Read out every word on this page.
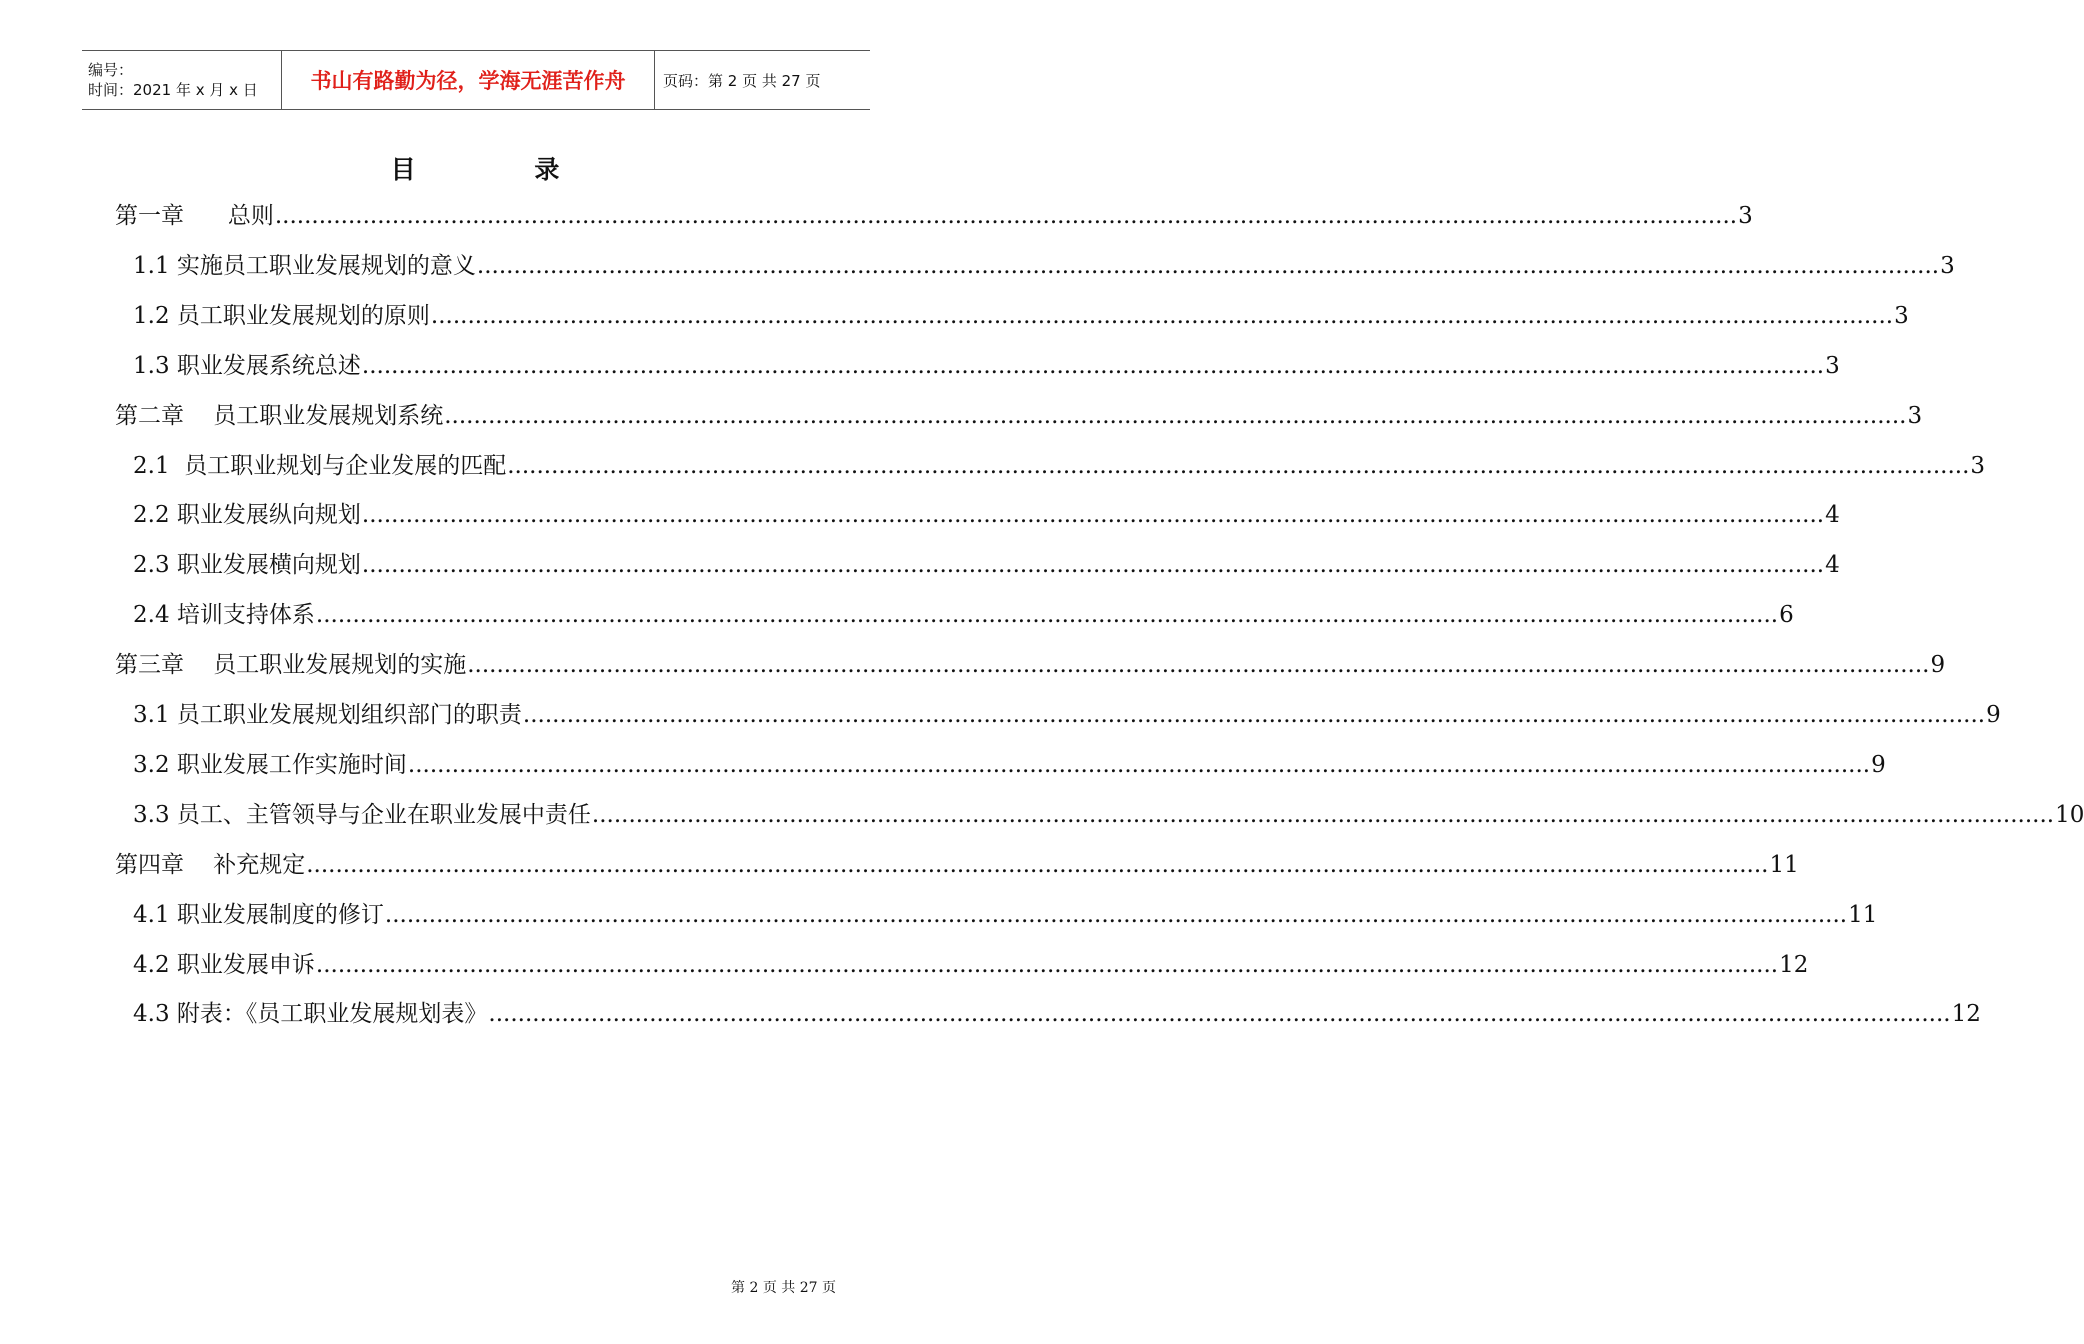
编号：
时间：2021 年 x 月 x 日	书山有路勤为径，学海无涯苦作舟	页码：第 2 页 共 27 页
目 录
第一章
总则 ........................................................................................................................................................................................................ 3
1.1 实施员工职业发展规划的意义 ........................................................................................................................................................................................................ 3
1.2 员工职业发展规划的原则 ........................................................................................................................................................................................................ 3
1.3 职业发展系统总述 ........................................................................................................................................................................................................ 3
第二章
员工职业发展规划系统 ........................................................................................................................................................................................................ 3
2.1 员工职业规划与企业发展的匹配 ........................................................................................................................................................................................................ 3
2.2 职业发展纵向规划 ........................................................................................................................................................................................................ 4
2.3 职业发展横向规划 ........................................................................................................................................................................................................ 4
2.4 培训支持体系 ........................................................................................................................................................................................................ 6
第三章
员工职业发展规划的实施 ........................................................................................................................................................................................................ 9
3.1 员工职业发展规划组织部门的职责 ........................................................................................................................................................................................................ 9
3.2 职业发展工作实施时间 ........................................................................................................................................................................................................ 9
3.3 员工、主管领导与企业在职业发展中责任 ........................................................................................................................................................................................................ 10
第四章
补充规定 ........................................................................................................................................................................................................ 11
4.1 职业发展制度的修订 ........................................................................................................................................................................................................ 11
4.2 职业发展申诉 ........................................................................................................................................................................................................ 12
4.3 附表：《员工职业发展规划表》 ........................................................................................................................................................................................................ 12
第 2 页 共 27 页
